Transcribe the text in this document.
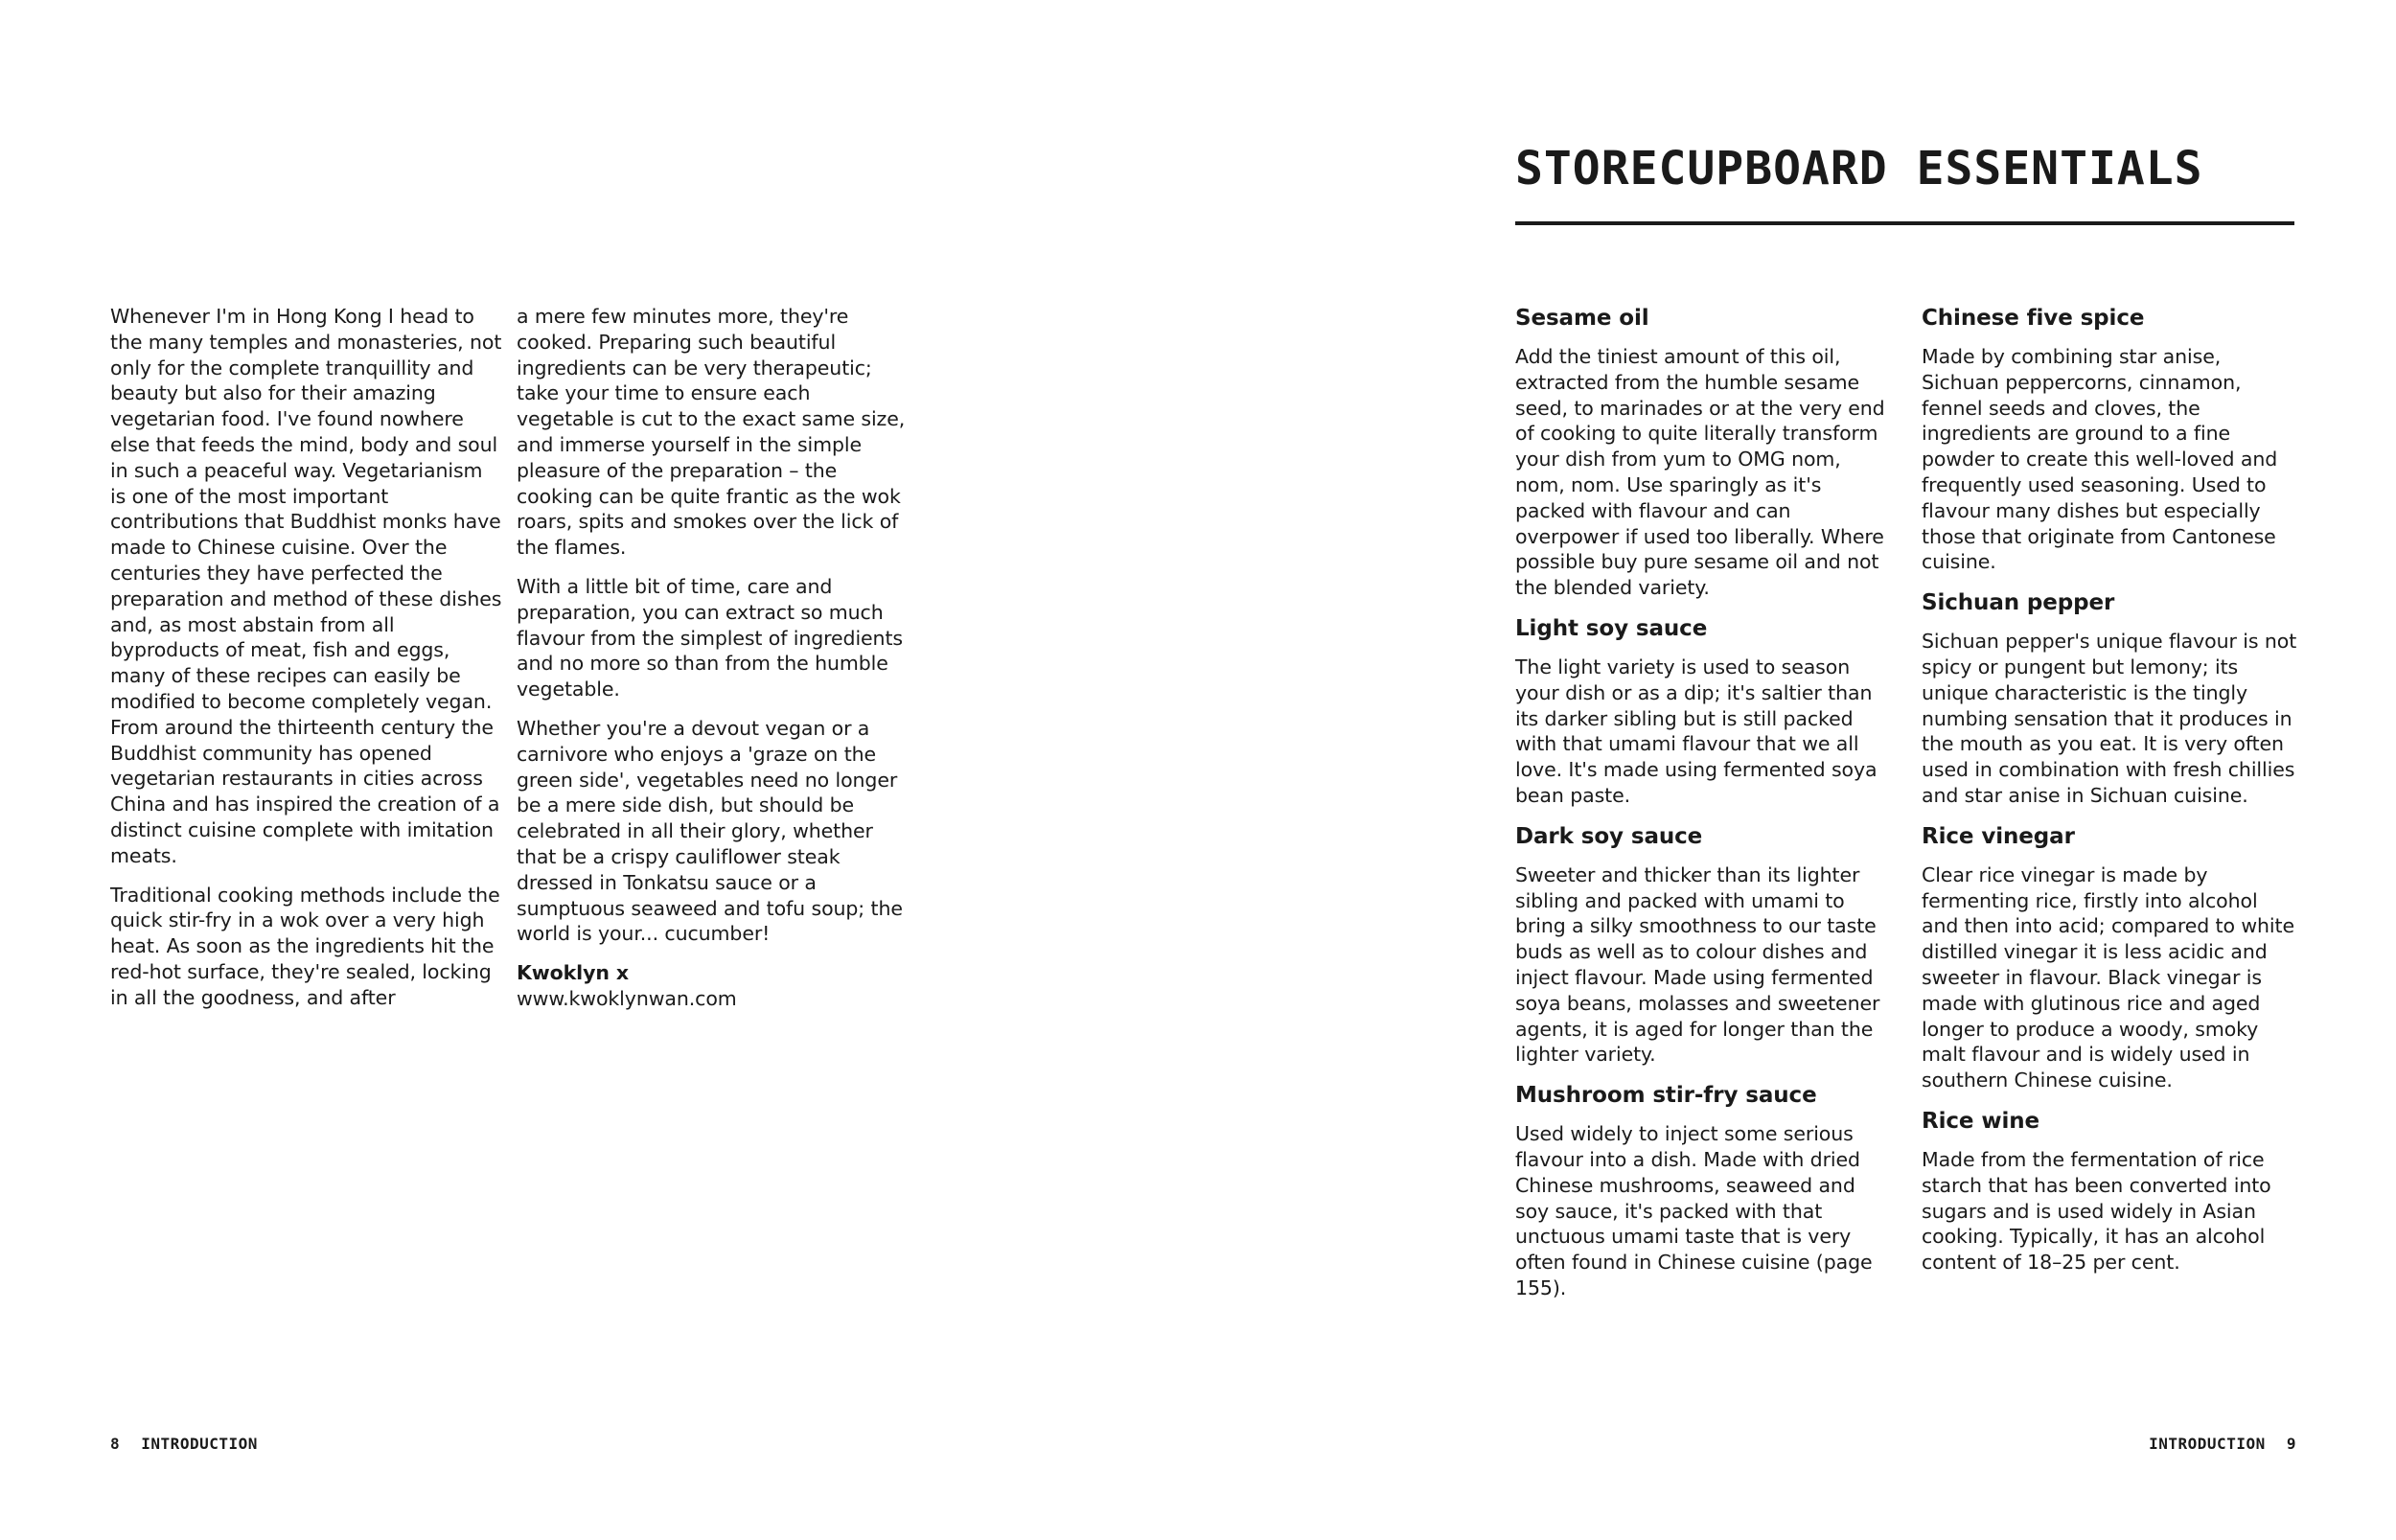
Whenever I'm in Hong Kong I head to the many temples and monasteries, not only for the complete tranquillity and beauty but also for their amazing vegetarian food. I've found nowhere else that feeds the mind, body and soul in such a peaceful way. Vegetarianism is one of the most important contributions that Buddhist monks have made to Chinese cuisine. Over the centuries they have perfected the preparation and method of these dishes and, as most abstain from all byproducts of meat, fish and eggs, many of these recipes can easily be modified to become completely vegan. From around the thirteenth century the Buddhist community has opened vegetarian restaurants in cities across China and has inspired the creation of a distinct cuisine complete with imitation meats.

Traditional cooking methods include the quick stir-fry in a wok over a very high heat. As soon as the ingredients hit the red-hot surface, they're sealed, locking in all the goodness, and after

a mere few minutes more, they're cooked. Preparing such beautiful ingredients can be very therapeutic; take your time to ensure each vegetable is cut to the exact same size, and immerse yourself in the simple pleasure of the preparation – the cooking can be quite frantic as the wok roars, spits and smokes over the lick of the flames.

With a little bit of time, care and preparation, you can extract so much flavour from the simplest of ingredients and no more so than from the humble vegetable.

Whether you're a devout vegan or a carnivore who enjoys a 'graze on the green side', vegetables need no longer be a mere side dish, but should be celebrated in all their glory, whether that be a crispy cauliflower steak dressed in Tonkatsu sauce or a sumptuous seaweed and tofu soup; the world is your... cucumber!

Kwoklyn x
www.kwoklynwan.com

8 INTRODUCTION
STORECUPBOARD ESSENTIALS
Sesame oil

Add the tiniest amount of this oil, extracted from the humble sesame seed, to marinades or at the very end of cooking to quite literally transform your dish from yum to OMG nom, nom, nom. Use sparingly as it's packed with flavour and can overpower if used too liberally. Where possible buy pure sesame oil and not the blended variety.

Light soy sauce

The light variety is used to season your dish or as a dip; it's saltier than its darker sibling but is still packed with that umami flavour that we all love. It's made using fermented soya bean paste.

Dark soy sauce

Sweeter and thicker than its lighter sibling and packed with umami to bring a silky smoothness to our taste buds as well as to colour dishes and inject flavour. Made using fermented soya beans, molasses and sweetener agents, it is aged for longer than the lighter variety.

Mushroom stir-fry sauce

Used widely to inject some serious flavour into a dish. Made with dried Chinese mushrooms, seaweed and soy sauce, it's packed with that unctuous umami taste that is very often found in Chinese cuisine (page 155).

Chinese five spice

Made by combining star anise, Sichuan peppercorns, cinnamon, fennel seeds and cloves, the ingredients are ground to a fine powder to create this well-loved and frequently used seasoning. Used to flavour many dishes but especially those that originate from Cantonese cuisine.

Sichuan pepper

Sichuan pepper's unique flavour is not spicy or pungent but lemony; its unique characteristic is the tingly numbing sensation that it produces in the mouth as you eat. It is very often used in combination with fresh chillies and star anise in Sichuan cuisine.

Rice vinegar

Clear rice vinegar is made by fermenting rice, firstly into alcohol and then into acid; compared to white distilled vinegar it is less acidic and sweeter in flavour. Black vinegar is made with glutinous rice and aged longer to produce a woody, smoky malt flavour and is widely used in southern Chinese cuisine.

Rice wine

Made from the fermentation of rice starch that has been converted into sugars and is used widely in Asian cooking. Typically, it has an alcohol content of 18–25 per cent.

INTRODUCTION 9
